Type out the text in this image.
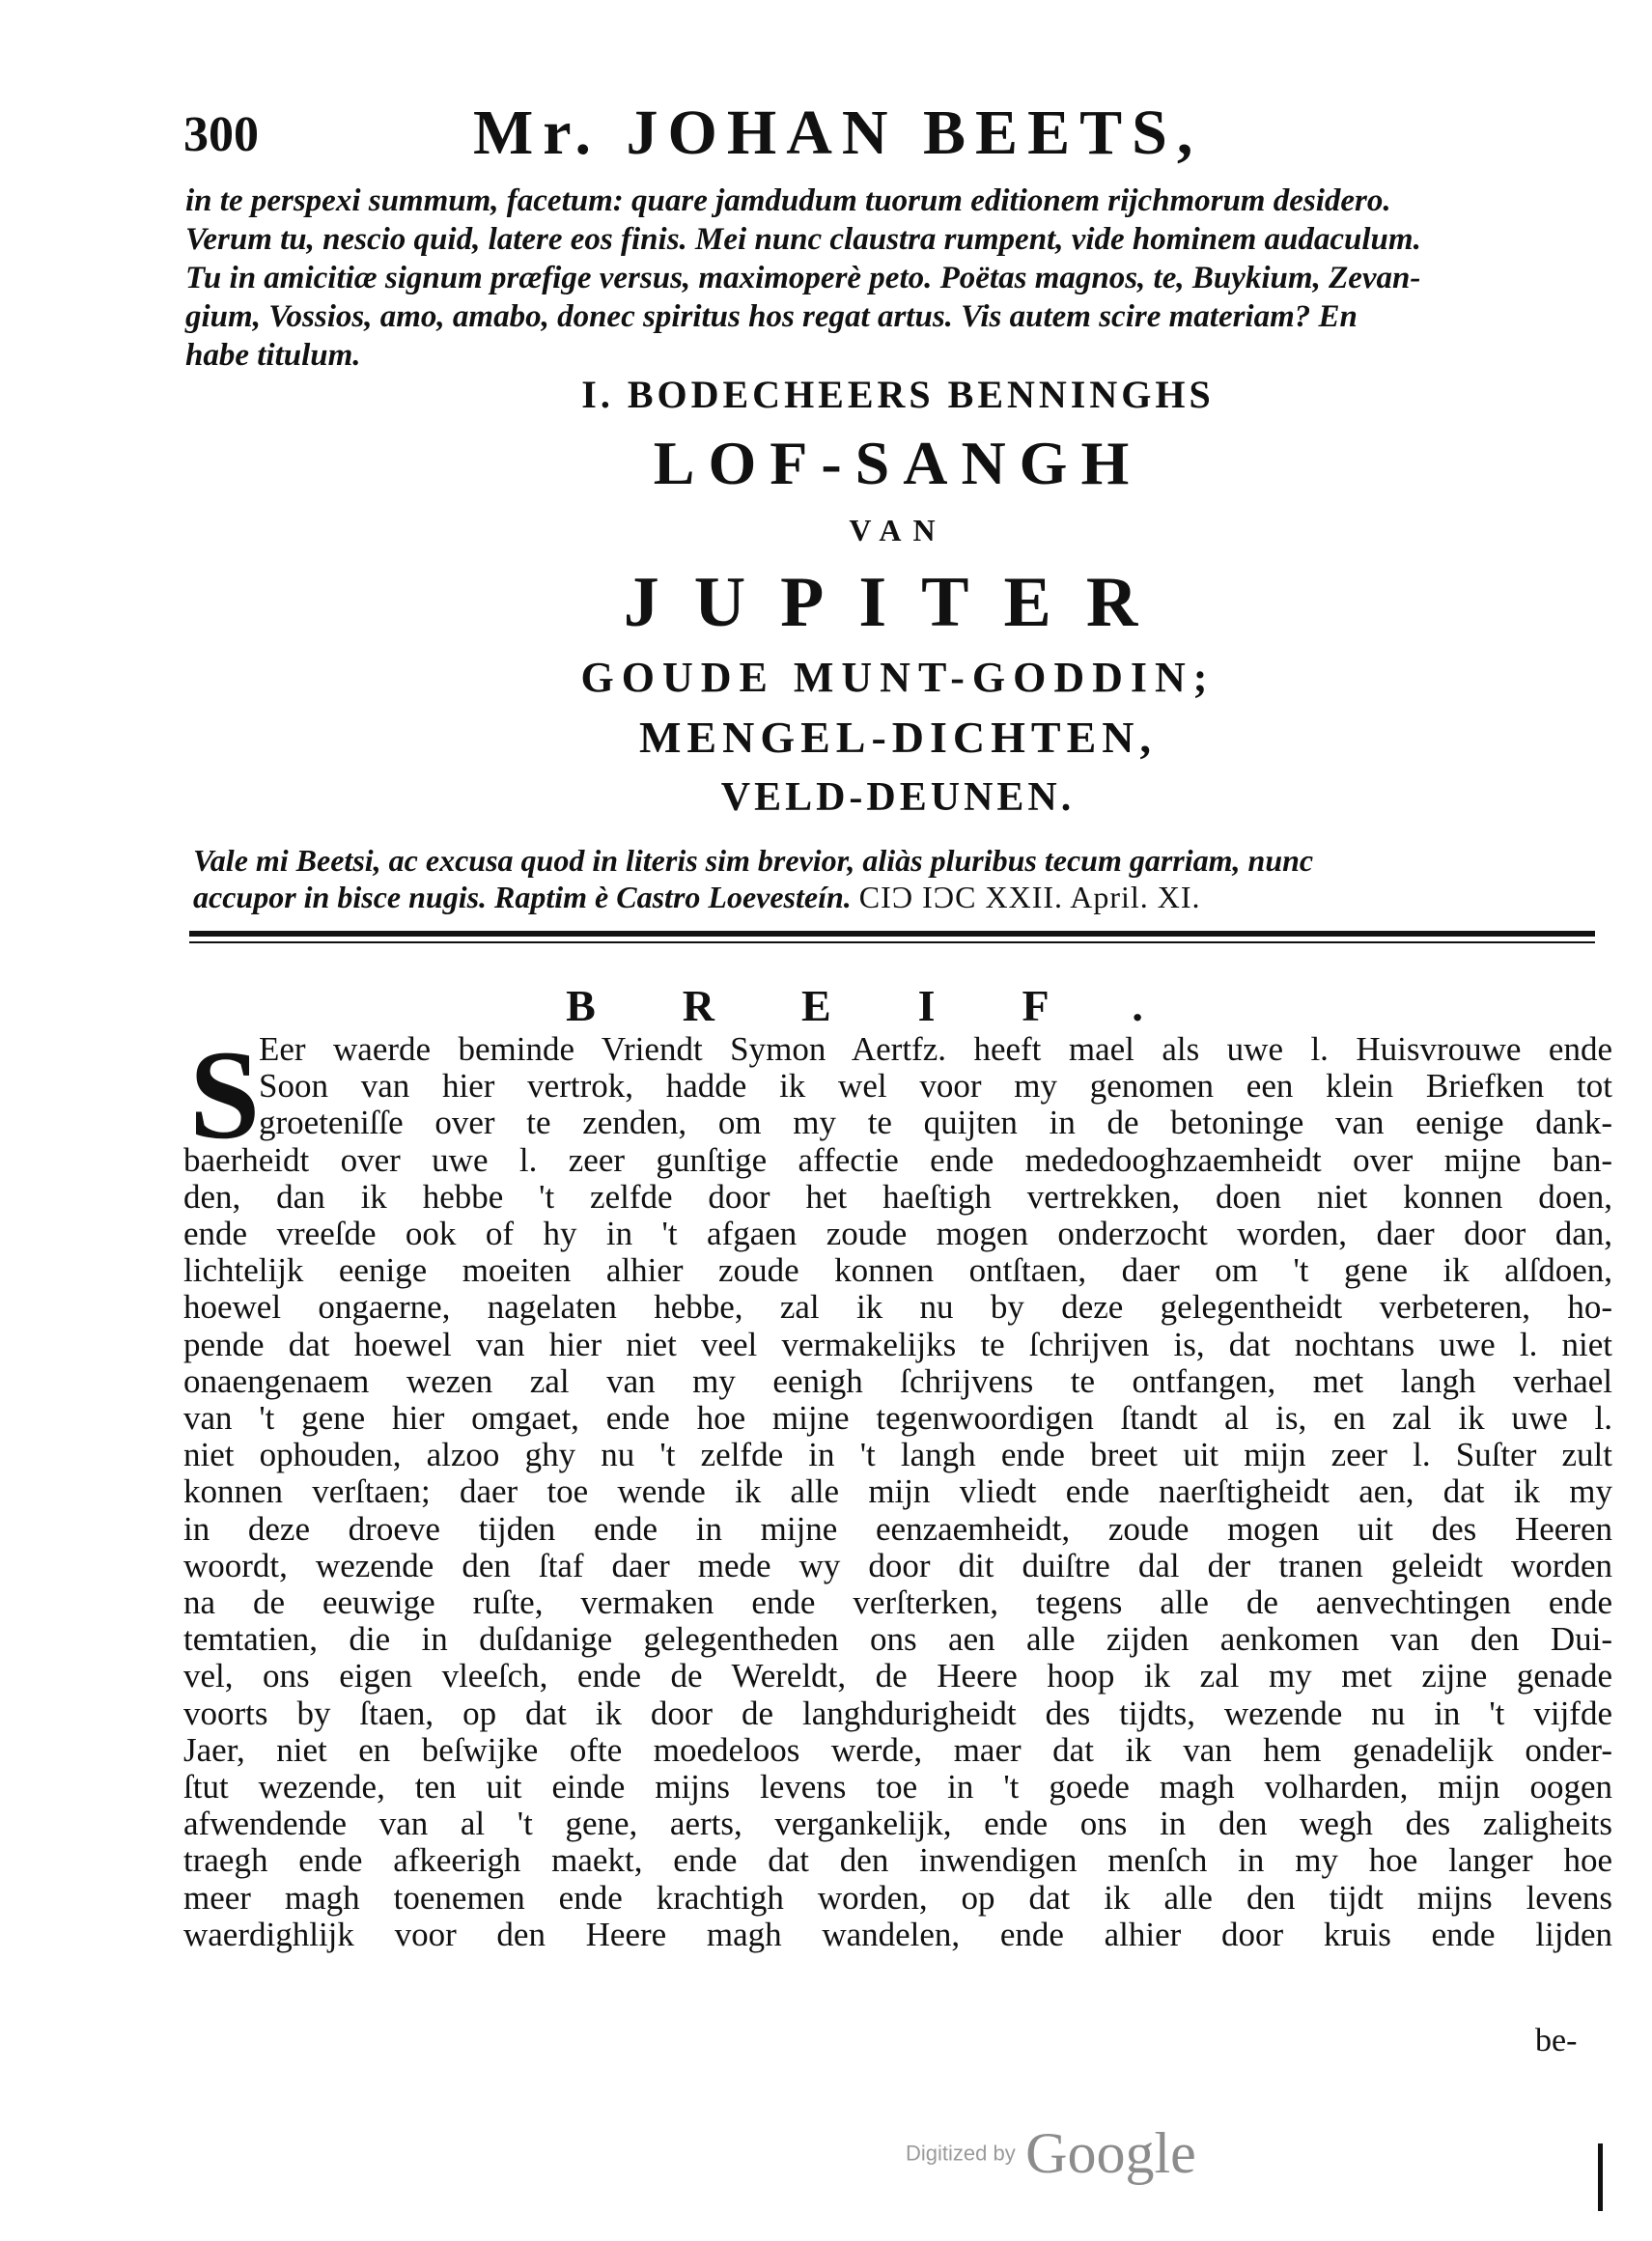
300	Mr. JOHAN BEETS,
in te perspexi summum, facetum: quare jamdudum tuorum editionem rijchmorum desidero.
Verum tu, nescio quid, latere eos finis. Mei nunc claustra rumpent, vide hominem audaculum.
Tu in amicitiæ signum præfige versus, maximoperè peto. Poëtas magnos, te, Buykium, Zevan-
gium, Vossios, amo, amabo, donec spiritus hos regat artus. Vis autem scire materiam? En
habe titulum.
I. BODECHEERS BENNINGHS
LOF-SANGH
VAN
JUPITER
GOUDE MUNT-GODDIN;
MENGEL-DICHTEN,
VELD-DEUNEN.
Vale mi Beetsi, ac excusa quod in literis sim brevior, aliàs pluribus tecum garriam, nunc
accupor in bisce nugis. Raptim è Castro Loevesteín. CIƆ IƆC XXII. April. XI.
BREIF.
S
Eer waerde beminde Vriendt Symon Aertfz. heeft mael als uwe l. Huisvrouwe ende
Soon van hier vertrok, hadde ik wel voor my genomen een klein Briefken tot
groeteniſſe over te zenden, om my te quijten in de betoninge van eenige dank-
baerheidt over uwe l. zeer gunſtige affectie ende mededooghzaemheidt over mijne ban-
den, dan ik hebbe 't zelfde door het haeſtigh vertrekken, doen niet konnen doen,
ende vreeſde ook of hy in 't afgaen zoude mogen onderzocht worden, daer door dan,
lichtelijk eenige moeiten alhier zoude konnen ontſtaen, daer om 't gene ik alſdoen,
hoewel ongaerne, nagelaten hebbe, zal ik nu by deze gelegentheidt verbeteren, ho-
pende dat hoewel van hier niet veel vermakelijks te ſchrijven is, dat nochtans uwe l. niet
onaengenaem wezen zal van my eenigh ſchrijvens te ontfangen, met langh verhael
van 't gene hier omgaet, ende hoe mijne tegenwoordigen ſtandt al is, en zal ik uwe l.
niet ophouden, alzoo ghy nu 't zelfde in 't langh ende breet uit mijn zeer l. Suſter zult
konnen verſtaen; daer toe wende ik alle mijn vliedt ende naerſtigheidt aen, dat ik my
in deze droeve tijden ende in mijne eenzaemheidt, zoude mogen uit des Heeren
woordt, wezende den ſtaf daer mede wy door dit duiſtre dal der tranen geleidt worden
na de eeuwige ruſte, vermaken ende verſterken, tegens alle de aenvechtingen ende
temtatien, die in duſdanige gelegentheden ons aen alle zijden aenkomen van den Dui-
vel, ons eigen vleeſch, ende de Wereldt, de Heere hoop ik zal my met zijne genade
voorts by ſtaen, op dat ik door de langhdurigheidt des tijdts, wezende nu in 't vijfde
Jaer, niet en beſwijke ofte moedeloos werde, maer dat ik van hem genadelijk onder-
ſtut wezende, ten uit einde mijns levens toe in 't goede magh volharden, mijn oogen
afwendende van al 't gene, aerts, vergankelijk, ende ons in den wegh des zaligheits
traegh ende afkeerigh maekt, ende dat den inwendigen menſch in my hoe langer hoe
meer magh toenemen ende krachtigh worden, op dat ik alle den tijdt mijns levens
waerdighlijk voor den Heere magh wandelen, ende alhier door kruis ende lijden
be-
Digitized by Google
